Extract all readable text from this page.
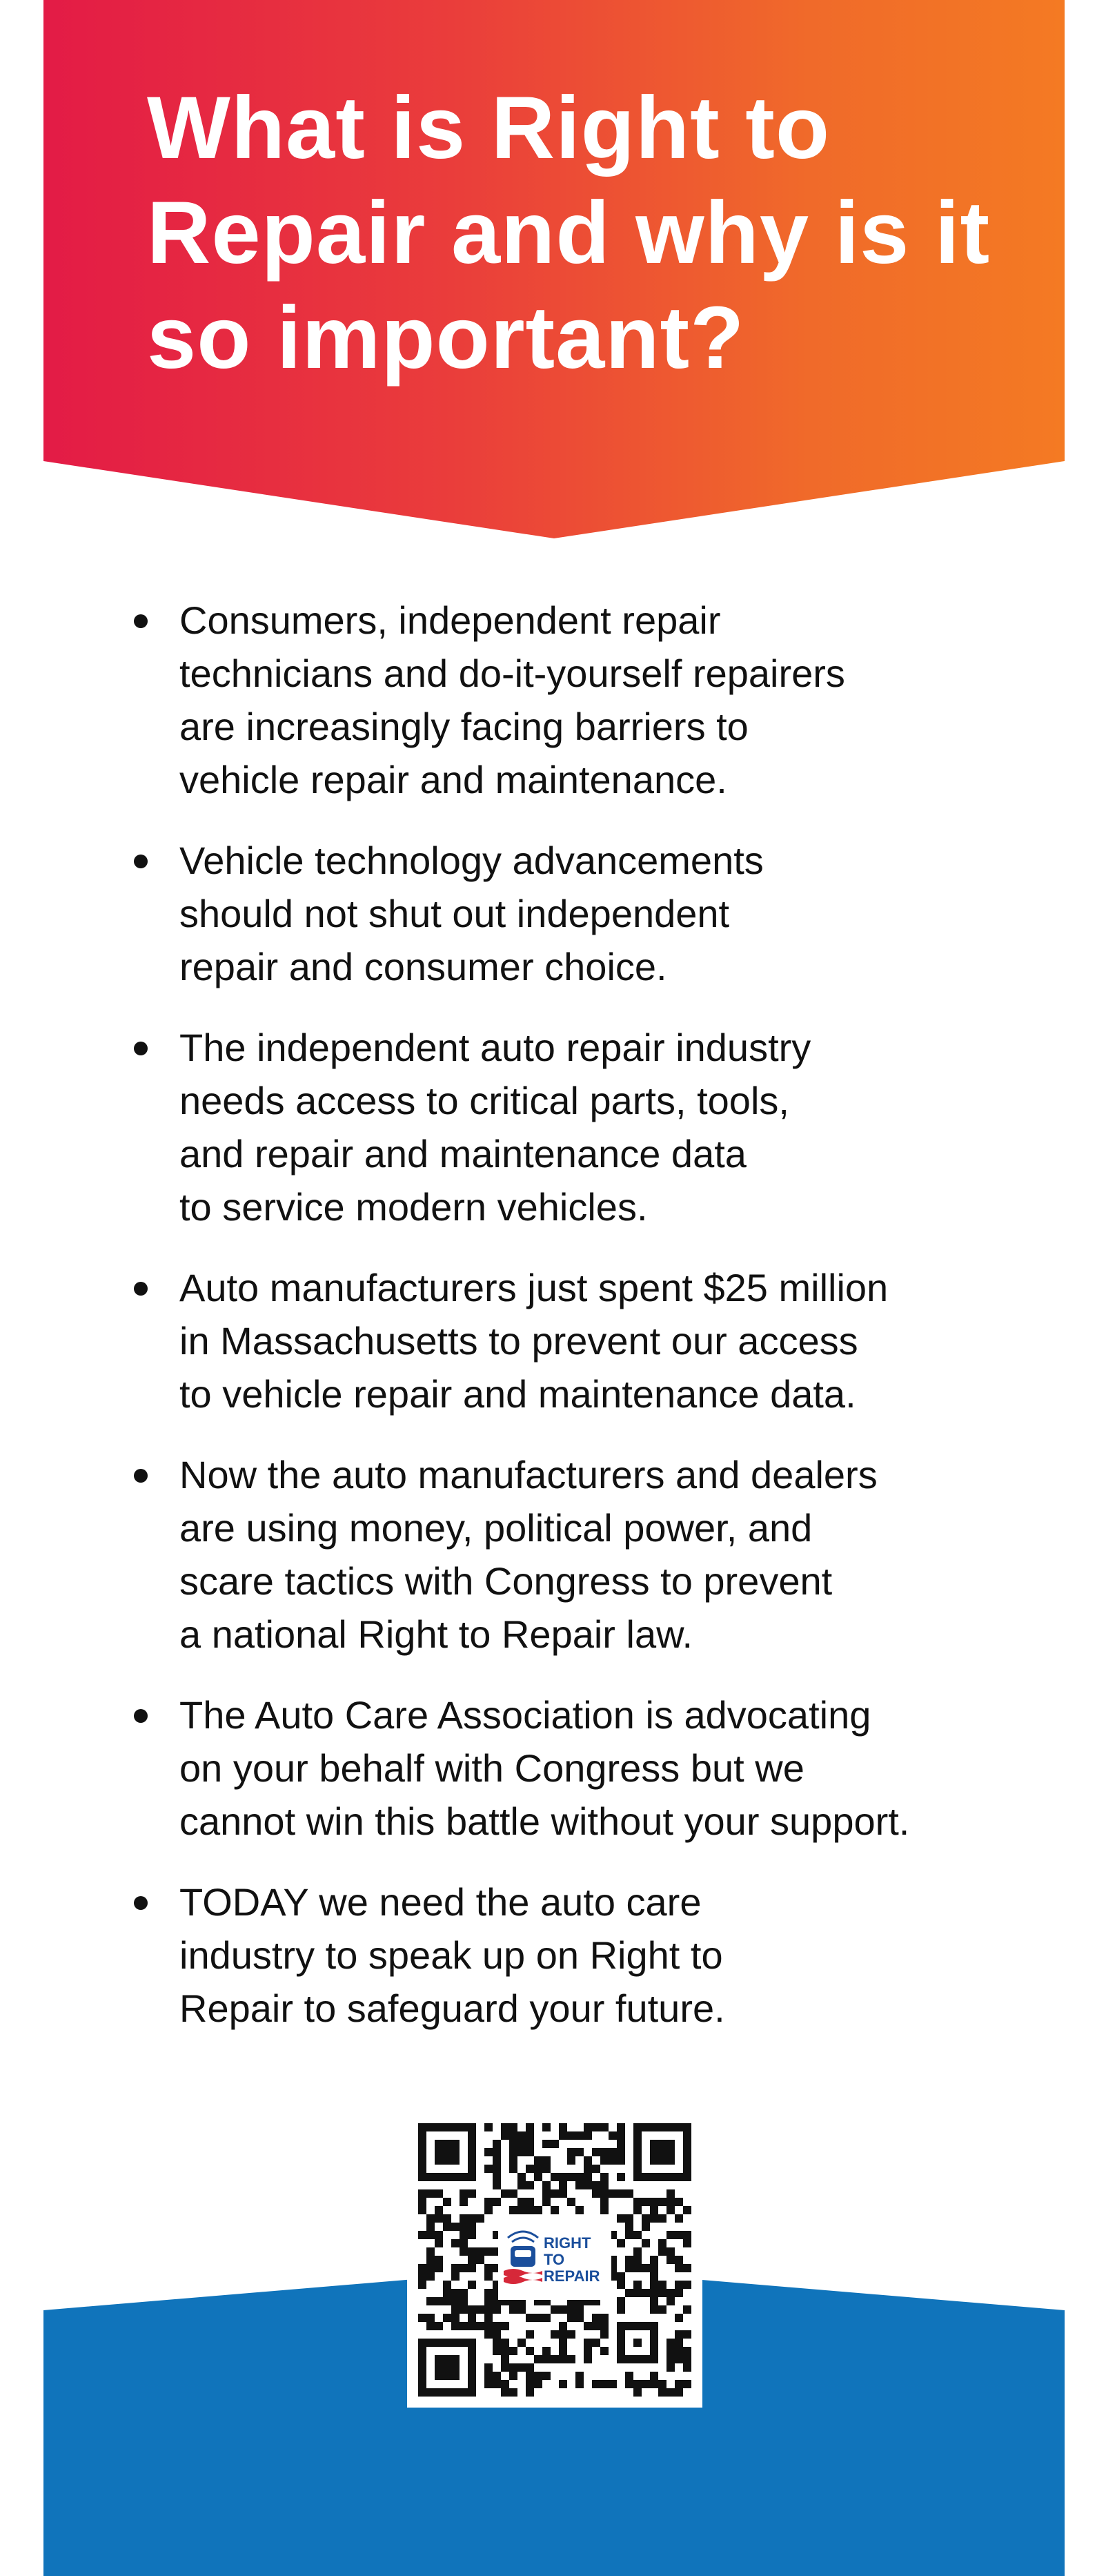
What is Right to Repair and why is it so important?
Consumers, independent repair
technicians and do-it-yourself repairers
are increasingly facing barriers to
vehicle repair and maintenance.
Vehicle technology advancements
should not shut out independent
repair and consumer choice.
The independent auto repair industry
needs access to critical parts, tools,
and repair and maintenance data
to service modern vehicles.
Auto manufacturers just spent $25 million
in Massachusetts to prevent our access
to vehicle repair and maintenance data.
Now the auto manufacturers and dealers
are using money, political power, and
scare tactics with Congress to prevent
a national Right to Repair law.
The Auto Care Association is advocating
on your behalf with Congress but we
cannot win this battle without your support.
TODAY we need the auto care
industry to speak up on Right to
Repair to safeguard your future.
RIGHT TO
REPAIR
